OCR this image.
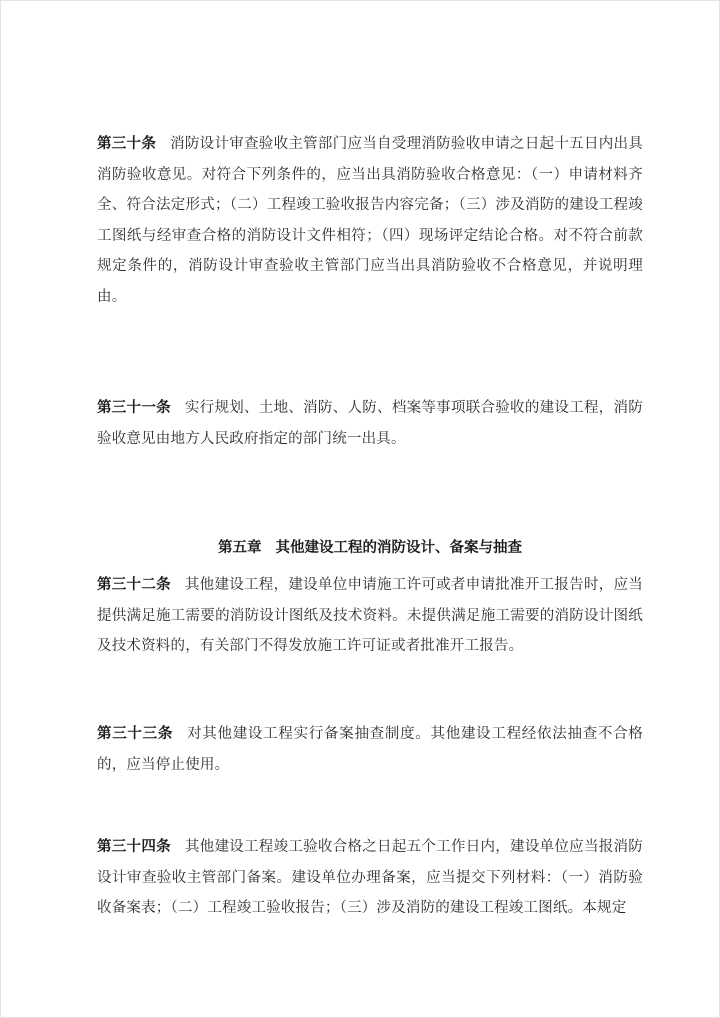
第三十条 消防设计审查验收主管部门应当自受理消防验收申请之日起十五日内出具消防验收意见。对符合下列条件的，应当出具消防验收合格意见：（一）申请材料齐全、符合法定形式；（二）工程竣工验收报告内容完备；（三）涉及消防的建设工程竣工图纸与经审查合格的消防设计文件相符；（四）现场评定结论合格。对不符合前款规定条件的，消防设计审查验收主管部门应当出具消防验收不合格意见，并说明理由。
第三十一条 实行规划、土地、消防、人防、档案等事项联合验收的建设工程，消防验收意见由地方人民政府指定的部门统一出具。
第五章 其他建设工程的消防设计、备案与抽查
第三十二条 其他建设工程，建设单位申请施工许可或者申请批准开工报告时，应当提供满足施工需要的消防设计图纸及技术资料。未提供满足施工需要的消防设计图纸及技术资料的，有关部门不得发放施工许可证或者批准开工报告。
第三十三条 对其他建设工程实行备案抽查制度。其他建设工程经依法抽查不合格的，应当停止使用。
第三十四条 其他建设工程竣工验收合格之日起五个工作日内，建设单位应当报消防设计审查验收主管部门备案。建设单位办理备案，应当提交下列材料：（一）消防验收备案表；（二）工程竣工验收报告；（三）涉及消防的建设工程竣工图纸。本规定
